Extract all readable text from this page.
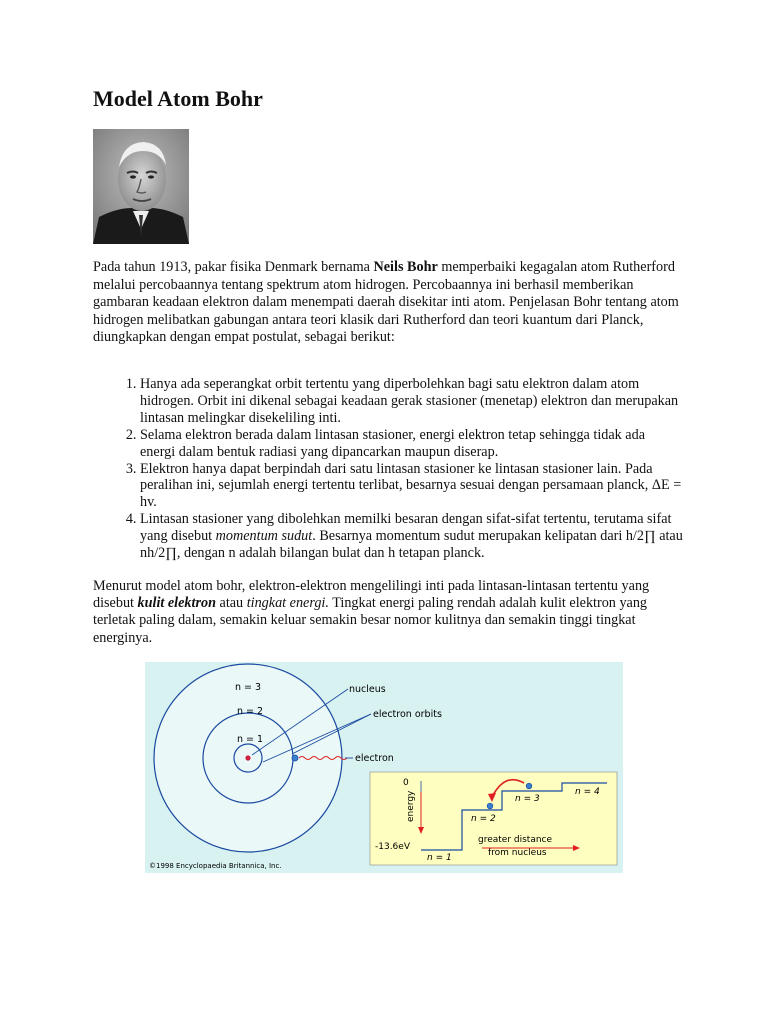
Model Atom Bohr

Pada tahun 1913, pakar fisika Denmark bernama Neils Bohr memperbaiki kegagalan atom Rutherford melalui percobaannya tentang spektrum atom hidrogen. Percobaannya ini berhasil memberikan gambaran keadaan elektron dalam menempati daerah disekitar inti atom. Penjelasan Bohr tentang atom hidrogen melibatkan gabungan antara teori klasik dari Rutherford dan teori kuantum dari Planck, diungkapkan dengan empat postulat, sebagai berikut:

1. Hanya ada seperangkat orbit tertentu yang diperbolehkan bagi satu elektron dalam atom hidrogen. Orbit ini dikenal sebagai keadaan gerak stasioner (menetap) elektron dan merupakan lintasan melingkar disekeliling inti.
2. Selama elektron berada dalam lintasan stasioner, energi elektron tetap sehingga tidak ada energi dalam bentuk radiasi yang dipancarkan maupun diserap.
3. Elektron hanya dapat berpindah dari satu lintasan stasioner ke lintasan stasioner lain. Pada peralihan ini, sejumlah energi tertentu terlibat, besarnya sesuai dengan persamaan planck, ΔE = hv.
4. Lintasan stasioner yang dibolehkan memilki besaran dengan sifat-sifat tertentu, terutama sifat yang disebut momentum sudut. Besarnya momentum sudut merupakan kelipatan dari h/2∏ atau nh/2∏, dengan n adalah bilangan bulat dan h tetapan planck.

Menurut model atom bohr, elektron-elektron mengelilingi inti pada lintasan-lintasan tertentu yang disebut kulit elektron atau tingkat energi. Tingkat energi paling rendah adalah kulit elektron yang terletak paling dalam, semakin keluar semakin besar nomor kulitnya dan semakin tinggi tingkat energinya.

n = 3
n = 2
n = 1
nucleus
electron orbits
electron
0
energy
-13.6eV
n = 1
n = 2
n = 3
n = 4
greater distance
from nucleus
©1998 Encyclopaedia Britannica, Inc.
